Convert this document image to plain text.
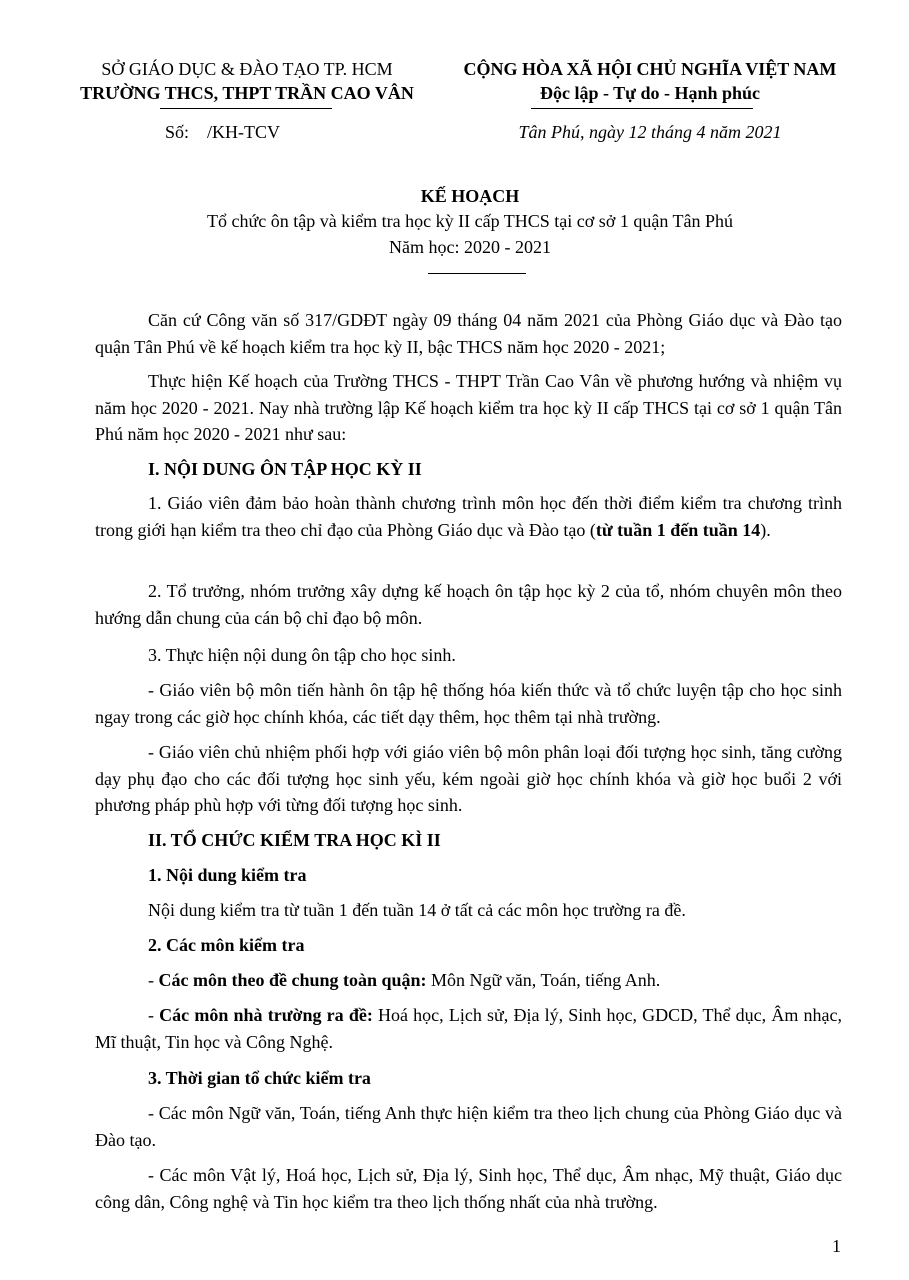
SỞ GIÁO DỤC & ĐÀO TẠO TP. HCM
TRƯỜNG THCS, THPT TRẦN CAO VÂN
Số:    /KH-TCV
CỘNG HÒA XÃ HỘI CHỦ NGHĨA VIỆT NAM
Độc lập - Tự do - Hạnh phúc
Tân Phú, ngày 12 tháng 4 năm 2021
KẾ HOẠCH
Tổ chức ôn tập và kiểm tra học kỳ II cấp THCS tại cơ sở 1 quận Tân Phú
Năm học: 2020 - 2021
Căn cứ Công văn số 317/GDĐT ngày 09 tháng 04 năm 2021 của Phòng Giáo dục và Đào tạo quận Tân Phú về kế hoạch kiểm tra học kỳ II, bậc THCS năm học 2020 - 2021;
Thực hiện Kế hoạch của Trường THCS - THPT Trần Cao Vân về phương hướng và nhiệm vụ năm học 2020 - 2021. Nay nhà trường lập Kế hoạch kiểm tra học kỳ II cấp THCS tại cơ sở 1 quận Tân Phú năm học 2020 - 2021 như sau:
I. NỘI DUNG ÔN TẬP HỌC KỲ II
1. Giáo viên đảm bảo hoàn thành chương trình môn học đến thời điểm kiểm tra chương trình trong giới hạn kiểm tra theo chỉ đạo của Phòng Giáo dục và Đào tạo (từ tuần 1 đến tuần 14).
2. Tổ trưởng, nhóm trưởng xây dựng kế hoạch ôn tập học kỳ 2 của tổ, nhóm chuyên môn theo hướng dẫn chung của cán bộ chỉ đạo bộ môn.
3. Thực hiện nội dung ôn tập cho học sinh.
- Giáo viên bộ môn tiến hành ôn tập hệ thống hóa kiến thức và tổ chức luyện tập cho học sinh ngay trong các giờ học chính khóa, các tiết dạy thêm, học thêm tại nhà trường.
- Giáo viên chủ nhiệm phối hợp với giáo viên bộ môn phân loại đối tượng học sinh, tăng cường dạy phụ đạo cho các đối tượng học sinh yếu, kém ngoài giờ học chính khóa và giờ học buổi 2 với phương pháp phù hợp với từng đối tượng học sinh.
II. TỔ CHỨC KIỂM TRA HỌC KÌ II
1. Nội dung kiểm tra
Nội dung kiểm tra từ tuần 1 đến tuần 14 ở tất cả các môn học trường ra đề.
2. Các môn kiểm tra
- Các môn theo đề chung toàn quận: Môn Ngữ văn, Toán, tiếng Anh.
- Các môn nhà trường ra đề: Hoá học, Lịch sử, Địa lý, Sinh học, GDCD, Thể dục, Âm nhạc, Mĩ thuật, Tin học và Công Nghệ.
3. Thời gian tổ chức kiểm tra
- Các môn Ngữ văn, Toán, tiếng Anh thực hiện kiểm tra theo lịch chung của Phòng Giáo dục và Đào tạo.
- Các môn Vật lý, Hoá học, Lịch sử, Địa lý, Sinh học, Thể dục, Âm nhạc, Mỹ thuật, Giáo dục công dân, Công nghệ và Tin học kiểm tra theo lịch thống nhất của nhà trường.
1
